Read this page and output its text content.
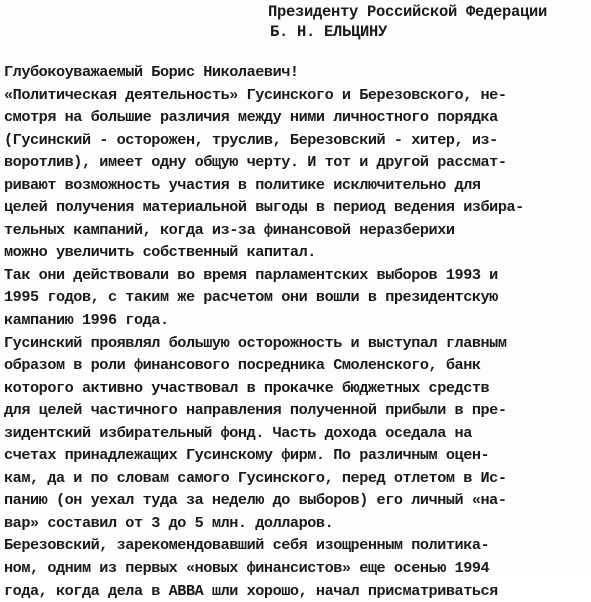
Президенту Российской Федерации
Б. Н. ЕЛЬЦИНУ
Глубокоуважаемый Борис Николаевич!
«Политическая деятельность» Гусинского и Березовского, не-
смотря на большие различия между ними личностного порядка
(Гусинский - осторожен, труслив, Березовский - хитер, из-
воротлив), имеет одну общую черту. И тот и другой рассмат-
ривают возможность участия в политике исключительно для
целей получения материальной выгоды в период ведения избира-
тельных кампаний, когда из-за финансовой неразберихи
можно увеличить собственный капитал.
Так они действовали во время парламентских выборов 1993 и
1995 годов, с таким же расчетом они вошли в президентскую
кампанию 1996 года.
Гусинский проявлял большую осторожность и выступал главным
образом в роли финансового посредника Смоленского, банк
которого активно участвовал в прокачке бюджетных средств
для целей частичного направления полученной прибыли в пре-
зидентский избирательный фонд. Часть дохода оседала на
счетах принадлежащих Гусинскому фирм. По различным оцен-
кам, да и по словам самого Гусинского, перед отлетом в Ис-
панию (он уехал туда за неделю до выборов) его личный «на-
вар» составил от 3 до 5 млн. долларов.
Березовский, зарекомендовавший себя изощренным политика-
ном, одним из первых «новых финансистов» еще осенью 1994
года, когда дела в АВВА шли хорошо, начал присматриваться
